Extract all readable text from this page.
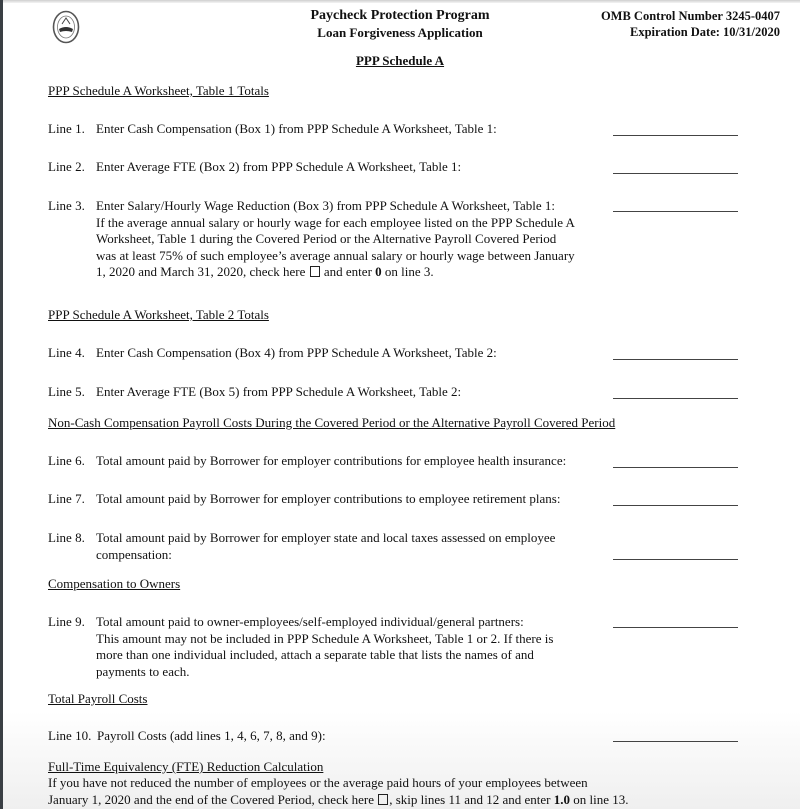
Paycheck Protection Program
Loan Forgiveness Application
OMB Control Number 3245-0407
Expiration Date: 10/31/2020
PPP Schedule A
PPP Schedule A Worksheet, Table 1 Totals
Line 1. Enter Cash Compensation (Box 1) from PPP Schedule A Worksheet, Table 1:
Line 2. Enter Average FTE (Box 2) from PPP Schedule A Worksheet, Table 1:
Line 3. Enter Salary/Hourly Wage Reduction (Box 3) from PPP Schedule A Worksheet, Table 1:
If the average annual salary or hourly wage for each employee listed on the PPP Schedule A Worksheet, Table 1 during the Covered Period or the Alternative Payroll Covered Period was at least 75% of such employee’s average annual salary or hourly wage between January 1, 2020 and March 31, 2020, check here and enter 0 on line 3.
PPP Schedule A Worksheet, Table 2 Totals
Line 4. Enter Cash Compensation (Box 4) from PPP Schedule A Worksheet, Table 2:
Line 5. Enter Average FTE (Box 5) from PPP Schedule A Worksheet, Table 2:
Non-Cash Compensation Payroll Costs During the Covered Period or the Alternative Payroll Covered Period
Line 6. Total amount paid by Borrower for employer contributions for employee health insurance:
Line 7. Total amount paid by Borrower for employer contributions to employee retirement plans:
Line 8. Total amount paid by Borrower for employer state and local taxes assessed on employee compensation:
Compensation to Owners
Line 9. Total amount paid to owner-employees/self-employed individual/general partners:
This amount may not be included in PPP Schedule A Worksheet, Table 1 or 2. If there is more than one individual included, attach a separate table that lists the names of and payments to each.
Total Payroll Costs
Line 10. Payroll Costs (add lines 1, 4, 6, 7, 8, and 9):
Full-Time Equivalency (FTE) Reduction Calculation
If you have not reduced the number of employees or the average paid hours of your employees between
January 1, 2020 and the end of the Covered Period, check here , skip lines 11 and 12 and enter 1.0 on line 13.
